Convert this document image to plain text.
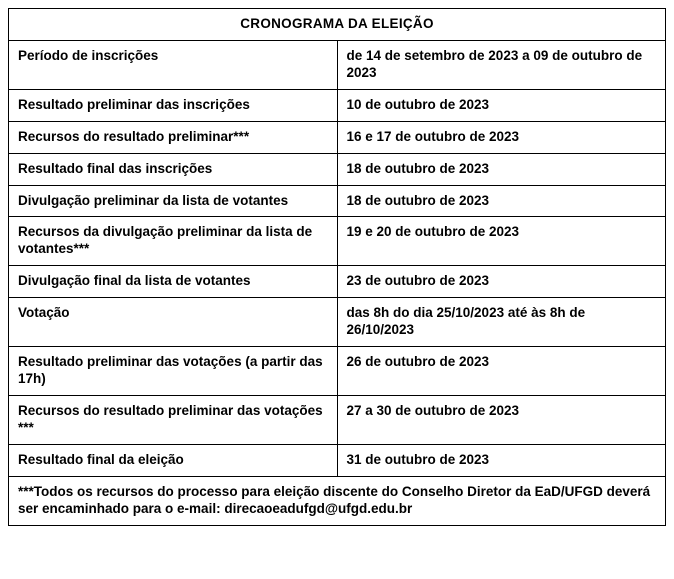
CRONOGRAMA DA ELEIÇÃO	
Período de inscrições	de 14 de setembro de 2023 a 09 de outubro de 2023
Resultado preliminar das inscrições	10 de outubro de 2023
Recursos do resultado preliminar***	16 e 17 de outubro de 2023
Resultado final das inscrições	18 de outubro de 2023
Divulgação preliminar da lista de votantes	18 de outubro de 2023
Recursos da divulgação preliminar da lista de votantes***	19 e 20 de outubro de 2023
Divulgação final da lista de votantes	23 de outubro de 2023
Votação	das 8h do dia 25/10/2023 até às 8h de 26/10/2023
Resultado preliminar das votações (a partir das 17h)	26 de outubro de 2023
Recursos do resultado preliminar das votações ***	27 a 30 de outubro de 2023
Resultado final da eleição	31 de outubro de 2023
***Todos os recursos do processo para eleição discente do Conselho Diretor da EaD/UFGD deverá ser encaminhado para o e-mail: direcaoeadufgd@ufgd.edu.br	
